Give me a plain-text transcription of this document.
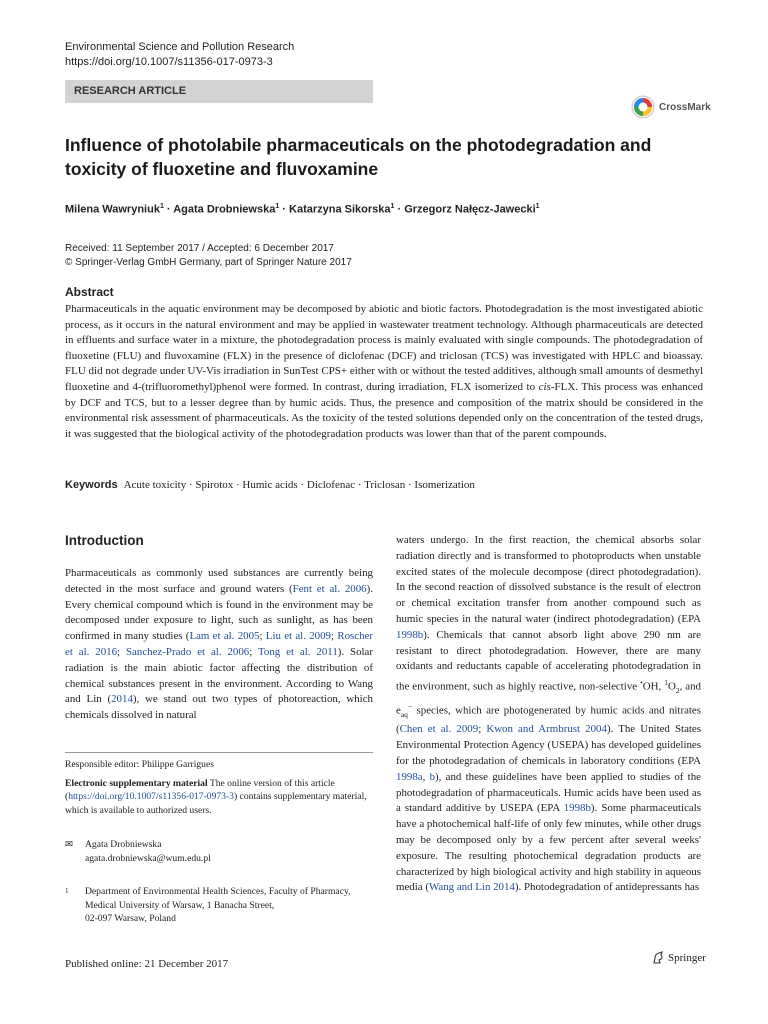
Environmental Science and Pollution Research
https://doi.org/10.1007/s11356-017-0973-3
RESEARCH ARTICLE
CrossMark
Influence of photolabile pharmaceuticals on the photodegradation and toxicity of fluoxetine and fluvoxamine
Milena Wawryniuk$^1$ · Agata Drobniewska$^1$ · Katarzyna Sikorska$^1$ · Grzegorz Nałęcz-Jawecki$^1$
Received: 11 September 2017 / Accepted: 6 December 2017
© Springer-Verlag GmbH Germany, part of Springer Nature 2017
Abstract
Pharmaceuticals in the aquatic environment may be decomposed by abiotic and biotic factors. Photodegradation is the most investigated abiotic process, as it occurs in the natural environment and may be applied in wastewater treatment technology. Although pharmaceuticals are detected in effluents and surface water in a mixture, the photodegradation process is mainly evaluated with single compounds. The photodegradation of fluoxetine (FLU) and fluvoxamine (FLX) in the presence of diclofenac (DCF) and triclosan (TCS) was investigated with HPLC and bioassay. FLU did not degrade under UV-Vis irradiation in SunTest CPS+ either with or without the tested additives, although small amounts of desmethyl fluoxetine and 4-(trifluoromethyl)phenol were formed. In contrast, during irradiation, FLX isomerized to cis-FLX. This process was enhanced by DCF and TCS, but to a lesser degree than by humic acids. Thus, the presence and composition of the matrix should be considered in the environmental risk assessment of pharmaceuticals. As the toxicity of the tested solutions depended only on the concentration of the tested drugs, it was suggested that the biological activity of the photodegradation products was lower than that of the parent compounds.
Keywords Acute toxicity · Spirotox · Humic acids · Diclofenac · Triclosan · Isomerization
Introduction
Pharmaceuticals as commonly used substances are currently being detected in the most surface and ground waters (Fent et al. 2006). Every chemical compound which is found in the environment may be decomposed under exposure to light, such as sunlight, as has been confirmed in many studies (Lam et al. 2005; Liu et al. 2009; Roscher et al. 2016; Sanchez-Prado et al. 2006; Tong et al. 2011). Solar radiation is the main abiotic factor affecting the distribution of chemical substances present in the environment. According to Wang and Lin (2014), we stand out two types of photoreaction, which chemicals dissolved in natural
waters undergo. In the first reaction, the chemical absorbs solar radiation directly and is transformed to photoproducts when unstable excited states of the molecule decompose (direct photodegradation). In the second reaction of dissolved substance is the result of electron or chemical excitation transfer from another compound such as humic species in the natural water (indirect photodegradation) (EPA 1998b). Chemicals that cannot absorb light above 290 nm are resistant to direct photodegradation. However, there are many oxidants and reductants capable of accelerating photodegradation in the environment, such as highly reactive, non-selective •OH, $^1O_2$, and $e_{aq}^-$ species, which are photogenerated by humic acids and nitrates (Chen et al. 2009; Kwon and Armbrust 2004). The United States Environmental Protection Agency (USEPA) has developed guidelines for the photodegradation of chemicals in laboratory conditions (EPA 1998a, b), and these guidelines have been applied to studies of the photodegradation of pharmaceuticals. Humic acids have been used as a standard additive by USEPA (EPA 1998b). Some pharmaceuticals have a photochemical half-life of only few minutes, while other drugs may be decomposed only by a few percent after several weeks' exposure. The resulting photochemical degradation products are characterized by high biological activity and high stability in aqueous media (Wang and Lin 2014). Photodegradation of antidepressants has
Responsible editor: Philippe Garrigues
Electronic supplementary material The online version of this article (https://doi.org/10.1007/s11356-017-0973-3) contains supplementary material, which is available to authorized users.
✉	Agata Drobniewska
agata.drobniewska@wum.edu.pl
1	Department of Environmental Health Sciences, Faculty of Pharmacy,
Medical University of Warsaw, 1 Banacha Street,
02-097 Warsaw, Poland
Published online: 21 December 2017	Springer
